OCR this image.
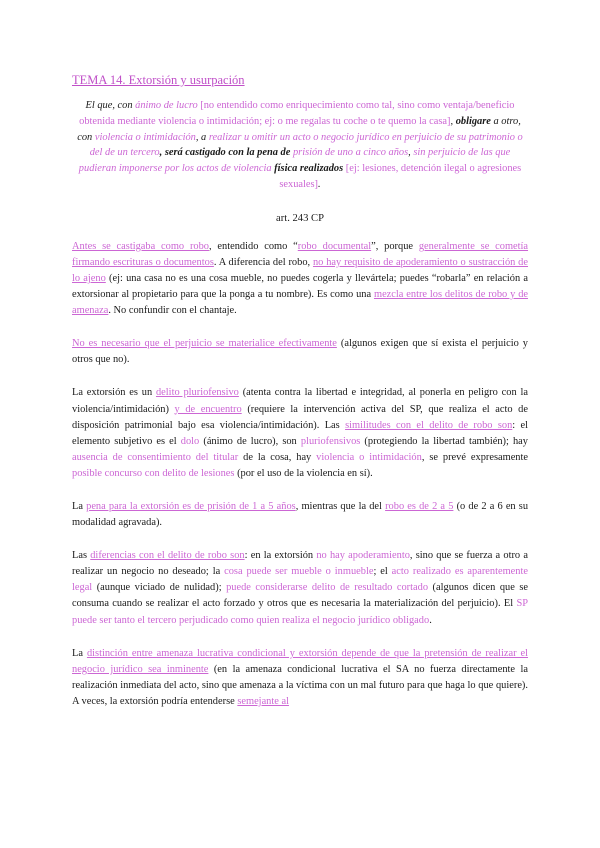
TEMA 14. Extorsión y usurpación
El que, con ánimo de lucro [no entendido como enriquecimiento como tal, sino como ventaja/beneficio obtenida mediante violencia o intimidación; ej: o me regalas tu coche o te quemo la casa], obligare a otro, con violencia o intimidación, a realizar u omitir un acto o negocio jurídico en perjuicio de su patrimonio o del de un tercero, será castigado con la pena de prisión de uno a cinco años, sin perjuicio de las que pudieran imponerse por los actos de violencia física realizados [ej: lesiones, detención ilegal o agresiones sexuales].
art. 243 CP

Antes se castigaba como robo, entendido como “robo documental”, porque generalmente se cometía firmando escrituras o documentos. A diferencia del robo, no hay requisito de apoderamiento o sustracción de lo ajeno (ej: una casa no es una cosa mueble, no puedes cogerla y llevártela; puedes “robarla” en relación a extorsionar al propietario para que la ponga a tu nombre). Es como una mezcla entre los delitos de robo y de amenaza. No confundir con el chantaje.

No es necesario que el perjuicio se materialice efectivamente (algunos exigen que sí exista el perjuicio y otros que no).

La extorsión es un delito pluriofensivo (atenta contra la libertad e integridad, al ponerla en peligro con la violencia/intimidación) y de encuentro (requiere la intervención activa del SP, que realiza el acto de disposición patrimonial bajo esa violencia/intimidación). Las similitudes con el delito de robo son: el elemento subjetivo es el dolo (ánimo de lucro), son pluriofensivos (protegiendo la libertad también); hay ausencia de consentimiento del titular de la cosa, hay violencia o intimidación, se prevé expresamente posible concurso con delito de lesiones (por el uso de la violencia en sí).

La pena para la extorsión es de prisión de 1 a 5 años, mientras que la del robo es de 2 a 5 (o de 2 a 6 en su modalidad agravada).

Las diferencias con el delito de robo son: en la extorsión no hay apoderamiento, sino que se fuerza a otro a realizar un negocio no deseado; la cosa puede ser mueble o inmueble; el acto realizado es aparentemente legal (aunque viciado de nulidad); puede considerarse delito de resultado cortado (algunos dicen que se consuma cuando se realizar el acto forzado y otros que es necesaria la materialización del perjuicio). El SP puede ser tanto el tercero perjudicado como quien realiza el negocio jurídico obligado.

La distinción entre amenaza lucrativa condicional y extorsión depende de que la pretensión de realizar el negocio jurídico sea inminente (en la amenaza condicional lucrativa el SA no fuerza directamente la realización inmediata del acto, sino que amenaza a la víctima con un mal futuro para que haga lo que quiere). A veces, la extorsión podría entenderse semejante al
